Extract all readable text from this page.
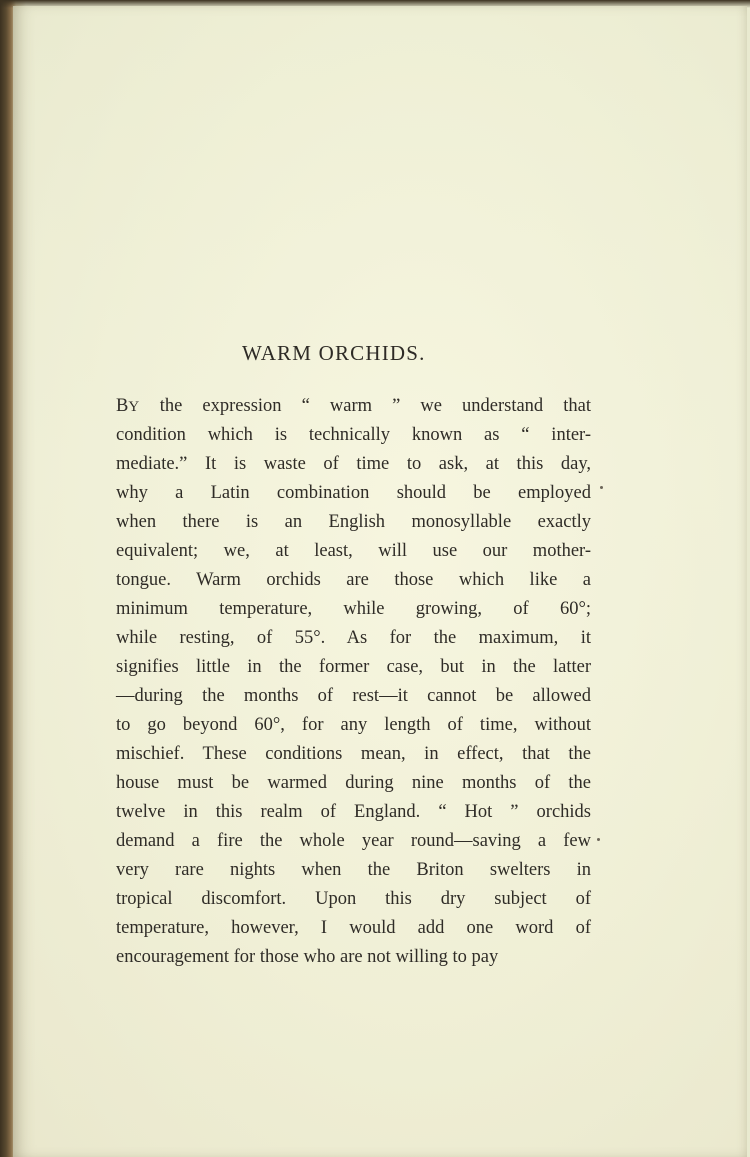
WARM ORCHIDS.
BY the expression “ warm ” we understand that
condition which is technically known as “ inter-
mediate.” It is waste of time to ask, at this day,
why a Latin combination should be employed
when there is an English monosyllable exactly
equivalent; we, at least, will use our mother-
tongue. Warm orchids are those which like a
minimum temperature, while growing, of 60°;
while resting, of 55°. As for the maximum, it
signifies little in the former case, but in the latter
—during the months of rest—it cannot be allowed
to go beyond 60°, for any length of time, without
mischief. These conditions mean, in effect, that the
house must be warmed during nine months of the
twelve in this realm of England. “ Hot ” orchids
demand a fire the whole year round—saving a few
very rare nights when the Briton swelters in
tropical discomfort. Upon this dry subject of
temperature, however, I would add one word of
encouragement for those who are not willing to pay
